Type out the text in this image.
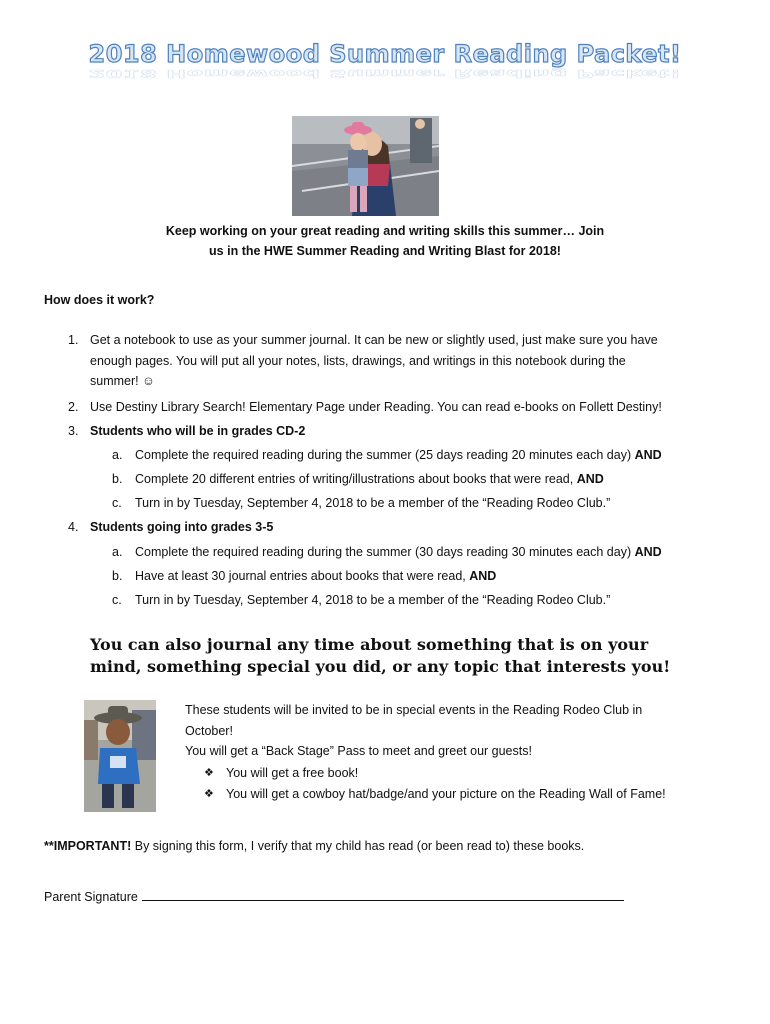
2018 Homewood Summer Reading Packet!
2018 Homewood Summer Reading Packet!
Keep working on your great reading and writing skills this summer… Join
us in the HWE Summer Reading and Writing Blast for 2018!
How does it work?
1. Get a notebook to use as your summer journal. It can be new or slightly used, just make sure you have
enough pages. You will put all your notes, lists, drawings, and writings in this notebook during the
summer! ☺
2. Use Destiny Library Search! Elementary Page under Reading. You can read e-books on Follett Destiny!
3. Students who will be in grades CD-2
a. Complete the required reading during the summer (25 days reading 20 minutes each day) AND
b. Complete 20 different entries of writing/illustrations about books that were read, AND
c. Turn in by Tuesday, September 4, 2018 to be a member of the “Reading Rodeo Club.”
4. Students going into grades 3-5
a. Complete the required reading during the summer (30 days reading 30 minutes each day) AND
b. Have at least 30 journal entries about books that were read, AND
c. Turn in by Tuesday, September 4, 2018 to be a member of the “Reading Rodeo Club.”
You can also journal any time about something that is on your
mind, something special you did, or any topic that interests you!
These students will be invited to be in special events in the Reading Rodeo Club in
October!
You will get a “Back Stage” Pass to meet and greet our guests!
❖ You will get a free book!
❖ You will get a cowboy hat/badge/and your picture on the Reading Wall of Fame!
**IMPORTANT! By signing this form, I verify that my child has read (or been read to) these books.
Parent Signature
